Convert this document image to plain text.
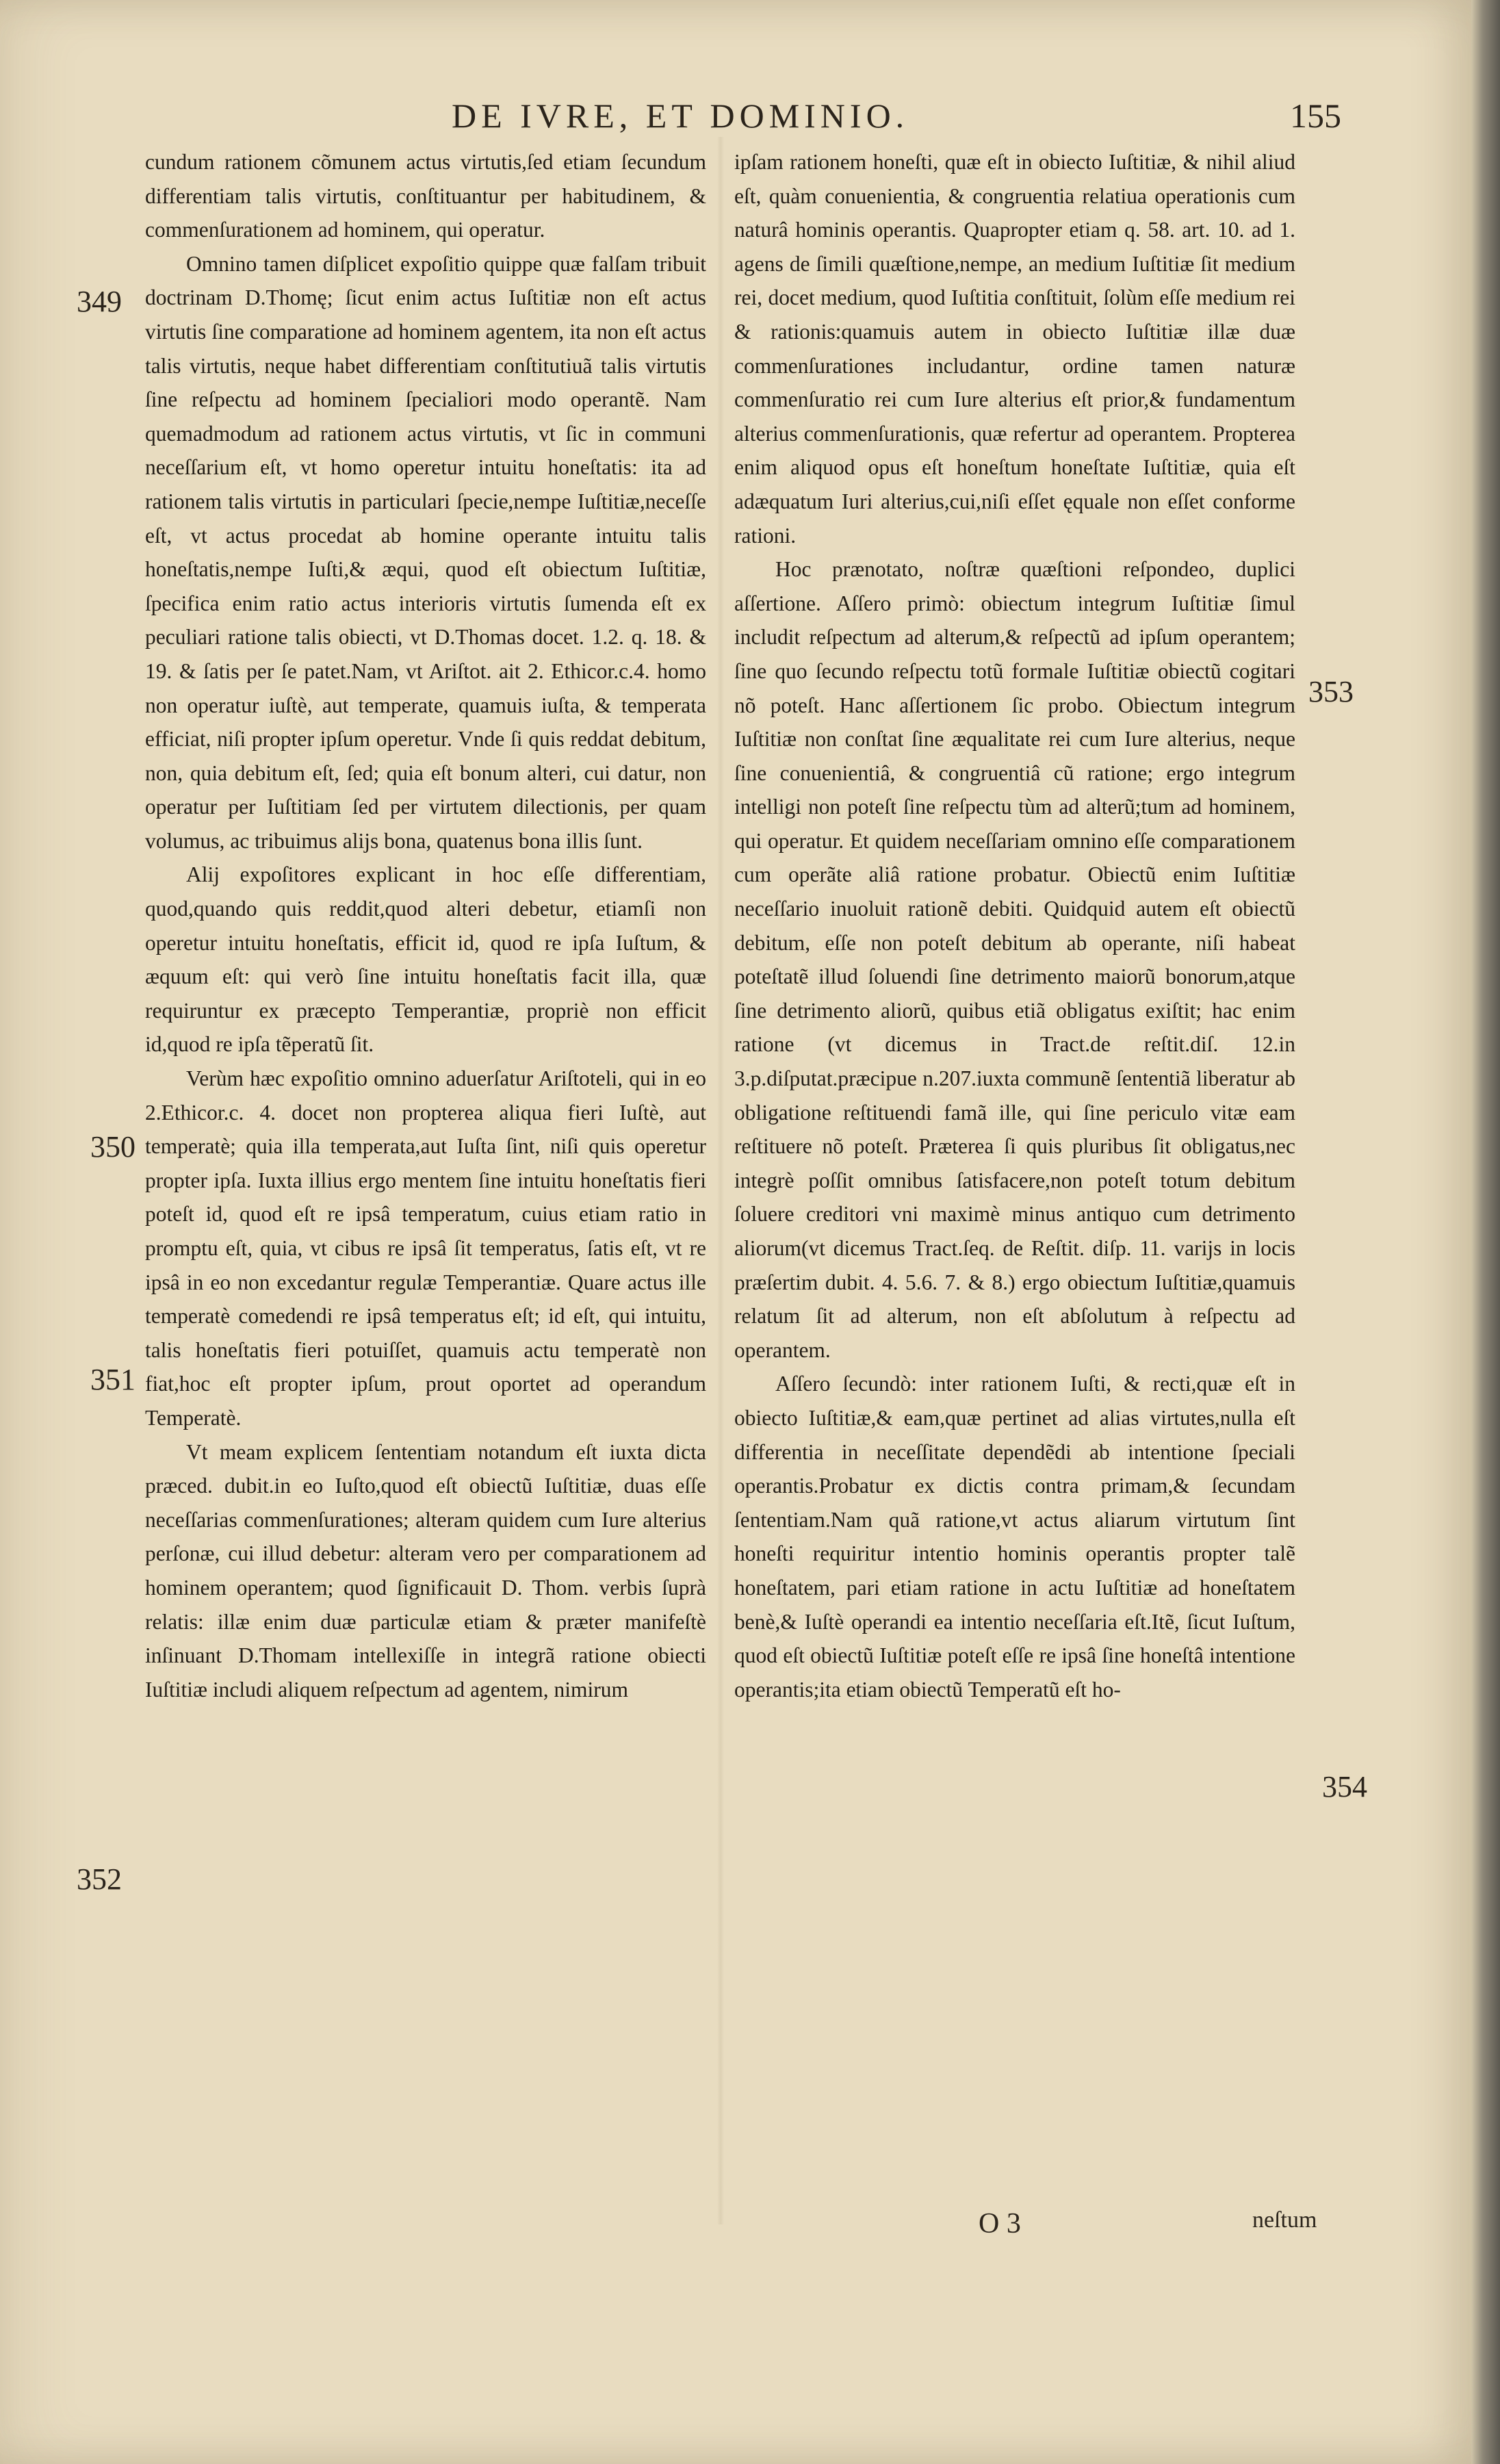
DE IVRE, ET DOMINIO.	155

cundum rationem cõmunem actus virtutis,ſed etiam ſecundum differentiam talis virtutis, conſtituantur per habitudinem, & commenſurationem ad hominem, qui operatur.

Omnino tamen diſplicet expoſitio quippe quæ falſam tribuit doctrinam D.Thomę; ſicut enim actus Iuſtitiæ non eſt actus virtutis ſine comparatione ad hominem agentem, ita non eſt actus talis virtutis, neque habet differentiam conſtitutiuã talis virtutis ſine reſpectu ad hominem ſpecialiori modo operantẽ. Nam quemadmodum ad rationem actus virtutis, vt ſic in communi neceſſarium eſt, vt homo operetur intuitu honeſtatis: ita ad rationem talis virtutis in particulari ſpecie,nempe Iuſtitiæ,neceſſe eſt, vt actus procedat ab homine operante intuitu talis honeſtatis,nempe Iuſti,& æqui, quod eſt obiectum Iuſtitiæ, ſpecifica enim ratio actus interioris virtutis ſumenda eſt ex peculiari ratione talis obiecti, vt D.Thomas docet. 1.2. q. 18. & 19. & ſatis per ſe patet.Nam, vt Ariſtot. ait 2. Ethicor.c.4. homo non operatur iuſtè, aut temperate, quamuis iuſta, & temperata efficiat, niſi propter ipſum operetur. Vnde ſi quis reddat debitum, non, quia debitum eſt, ſed; quia eſt bonum alteri, cui datur, non operatur per Iuſtitiam ſed per virtutem dilectionis, per quam volumus, ac tribuimus alijs bona, quatenus bona illis ſunt.

Alij expoſitores explicant in hoc eſſe differentiam, quod,quando quis reddit,quod alteri debetur, etiamſi non operetur intuitu honeſtatis, efficit id, quod re ipſa Iuſtum, & æquum eſt: qui verò ſine intuitu honeſtatis facit illa, quæ requiruntur ex præcepto Temperantiæ, propriè non efficit id,quod re ipſa tẽperatũ ſit.

Verùm hæc expoſitio omnino aduerſatur Ariſtoteli, qui in eo 2.Ethicor.c. 4. docet non propterea aliqua fieri Iuſtè, aut temperatè; quia illa temperata,aut Iuſta ſint, niſi quis operetur propter ipſa. Iuxta illius ergo mentem ſine intuitu honeſtatis fieri poteſt id, quod eſt re ipsâ temperatum, cuius etiam ratio in promptu eſt, quia, vt cibus re ipsâ ſit temperatus, ſatis eſt, vt re ipsâ in eo non excedantur regulæ Temperantiæ. Quare actus ille temperatè comedendi re ipsâ temperatus eſt; id eſt, qui intuitu, talis honeſtatis fieri potuiſſet, quamuis actu temperatè non fiat,hoc eſt propter ipſum, prout oportet ad operandum Temperatè.

Vt meam explicem ſententiam notandum eſt iuxta dicta præced. dubit.in eo Iuſto,quod eſt obiectũ Iuſtitiæ, duas eſſe neceſſarias commenſurationes; alteram quidem cum Iure alterius perſonæ, cui illud debetur: alteram vero per comparationem ad hominem operantem; quod ſignificauit D. Thom. verbis ſuprà relatis: illæ enim duæ particulæ etiam & præter manifeſtè inſinuant D.Thomam intellexiſſe in integrã ratione obiecti Iuſtitiæ includi aliquem reſpectum ad agentem, nimirum

ipſam rationem honeſti, quæ eſt in obiecto Iuſtitiæ, & nihil aliud eſt, quàm conuenientia, & congruentia relatiua operationis cum naturâ hominis operantis. Quapropter etiam q. 58. art. 10. ad 1. agens de ſimili quæſtione,nempe, an medium Iuſtitiæ ſit medium rei, docet medium, quod Iuſtitia conſtituit, ſolùm eſſe medium rei & rationis:quamuis autem in obiecto Iuſtitiæ illæ duæ commenſurationes includantur, ordine tamen naturæ commenſuratio rei cum Iure alterius eſt prior,& fundamentum alterius commenſurationis, quæ refertur ad operantem. Propterea enim aliquod opus eſt honeſtum honeſtate Iuſtitiæ, quia eſt adæquatum Iuri alterius,cui,niſi eſſet ęquale non eſſet conforme rationi.

Hoc prænotato, noſtræ quæſtioni reſpondeo, duplici aſſertione. Aſſero primò: obiectum integrum Iuſtitiæ ſimul includit reſpectum ad alterum,& reſpectũ ad ipſum operantem; ſine quo ſecundo reſpectu totũ formale Iuſtitiæ obiectũ cogitari nõ poteſt. Hanc aſſertionem ſic probo. Obiectum integrum Iuſtitiæ non conſtat ſine æqualitate rei cum Iure alterius, neque ſine conuenientiâ, & congruentiâ cũ ratione; ergo integrum intelligi non poteſt ſine reſpectu tùm ad alterũ;tum ad hominem, qui operatur. Et quidem neceſſariam omnino eſſe comparationem cum operãte aliâ ratione probatur. Obiectũ enim Iuſtitiæ neceſſario inuoluit rationẽ debiti. Quidquid autem eſt obiectũ debitum, eſſe non poteſt debitum ab operante, niſi habeat poteſtatẽ illud ſoluendi ſine detrimento maiorũ bonorum,atque ſine detrimento aliorũ, quibus etiã obligatus exiſtit; hac enim ratione (vt dicemus in Tract.de reſtit.diſ. 12.in 3.p.diſputat.præcipue n.207.iuxta communẽ ſententiã liberatur ab obligatione reſtituendi famã ille, qui ſine periculo vitæ eam reſtituere nõ poteſt. Præterea ſi quis pluribus ſit obligatus,nec integrè poſſit omnibus ſatisfacere,non poteſt totum debitum ſoluere creditori vni maximè minus antiquo cum detrimento aliorum(vt dicemus Tract.ſeq. de Reſtit. diſp. 11. varijs in locis præſertim dubit. 4. 5.6. 7. & 8.) ergo obiectum Iuſtitiæ,quamuis relatum ſit ad alterum, non eſt abſolutum à reſpectu ad operantem.

Aſſero ſecundò: inter rationem Iuſti, & recti,quæ eſt in obiecto Iuſtitiæ,& eam,quæ pertinet ad alias virtutes,nulla eſt differentia in neceſſitate dependẽdi ab intentione ſpeciali operantis.Probatur ex dictis contra primam,& ſecundam ſententiam.Nam quã ratione,vt actus aliarum virtutum ſint honeſti requiritur intentio hominis operantis propter talẽ honeſtatem, pari etiam ratione in actu Iuſtitiæ ad honeſtatem benè,& Iuſtè operandi ea intentio neceſſaria eſt.Itẽ, ſicut Iuſtum, quod eſt obiectũ Iuſtitiæ poteſt eſſe re ipsâ ſine honeſtâ intentione operantis;ita etiam obiectũ Temperatũ eſt ho-

349
350
351
352
353
354
O 3	neſtum
